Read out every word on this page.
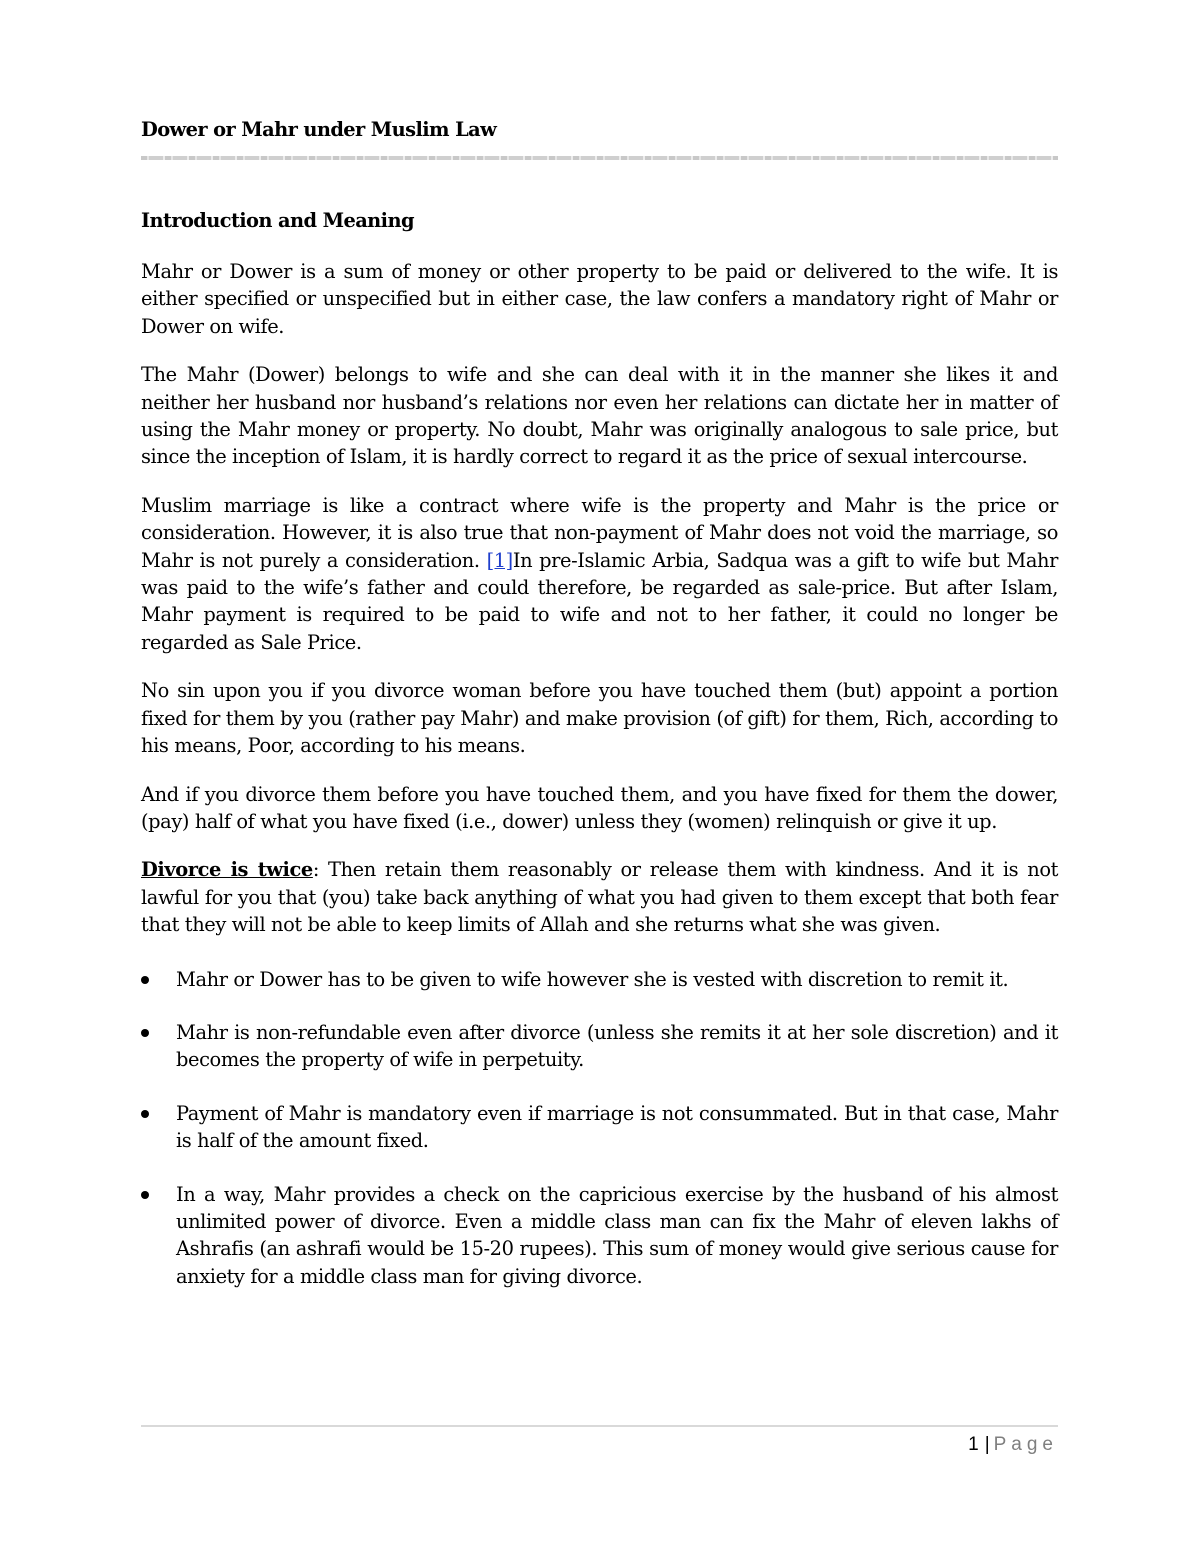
Dower or Mahr under Muslim Law
Introduction and Meaning

Mahr or Dower is a sum of money or other property to be paid or delivered to the wife. It is either specified or unspecified but in either case, the law confers a mandatory right of Mahr or Dower on wife.

The Mahr (Dower) belongs to wife and she can deal with it in the manner she likes it and neither her husband nor husband’s relations nor even her relations can dictate her in matter of using the Mahr money or property. No doubt, Mahr was originally analogous to sale price, but since the inception of Islam, it is hardly correct to regard it as the price of sexual intercourse.

Muslim marriage is like a contract where wife is the property and Mahr is the price or consideration. However, it is also true that non-payment of Mahr does not void the marriage, so Mahr is not purely a consideration. [1]In pre-Islamic Arbia, Sadqua was a gift to wife but Mahr was paid to the wife’s father and could therefore, be regarded as sale-price. But after Islam, Mahr payment is required to be paid to wife and not to her father, it could no longer be regarded as Sale Price.

No sin upon you if you divorce woman before you have touched them (but) appoint a portion fixed for them by you (rather pay Mahr) and make provision (of gift) for them, Rich, according to his means, Poor, according to his means.

And if you divorce them before you have touched them, and you have fixed for them the dower, (pay) half of what you have fixed (i.e., dower) unless they (women) relinquish or give it up.

Divorce is twice: Then retain them reasonably or release them with kindness. And it is not lawful for you that (you) take back anything of what you had given to them except that both fear that they will not be able to keep limits of Allah and she returns what she was given.

Mahr or Dower has to be given to wife however she is vested with discretion to remit it.
Mahr is non-refundable even after divorce (unless she remits it at her sole discretion) and it becomes the property of wife in perpetuity.
Payment of Mahr is mandatory even if marriage is not consummated. But in that case, Mahr is half of the amount fixed.
In a way, Mahr provides a check on the capricious exercise by the husband of his almost unlimited power of divorce. Even a middle class man can fix the Mahr of eleven lakhs of Ashrafis (an ashrafi would be 15-20 rupees). This sum of money would give serious cause for anxiety for a middle class man for giving divorce.
1 | Page
